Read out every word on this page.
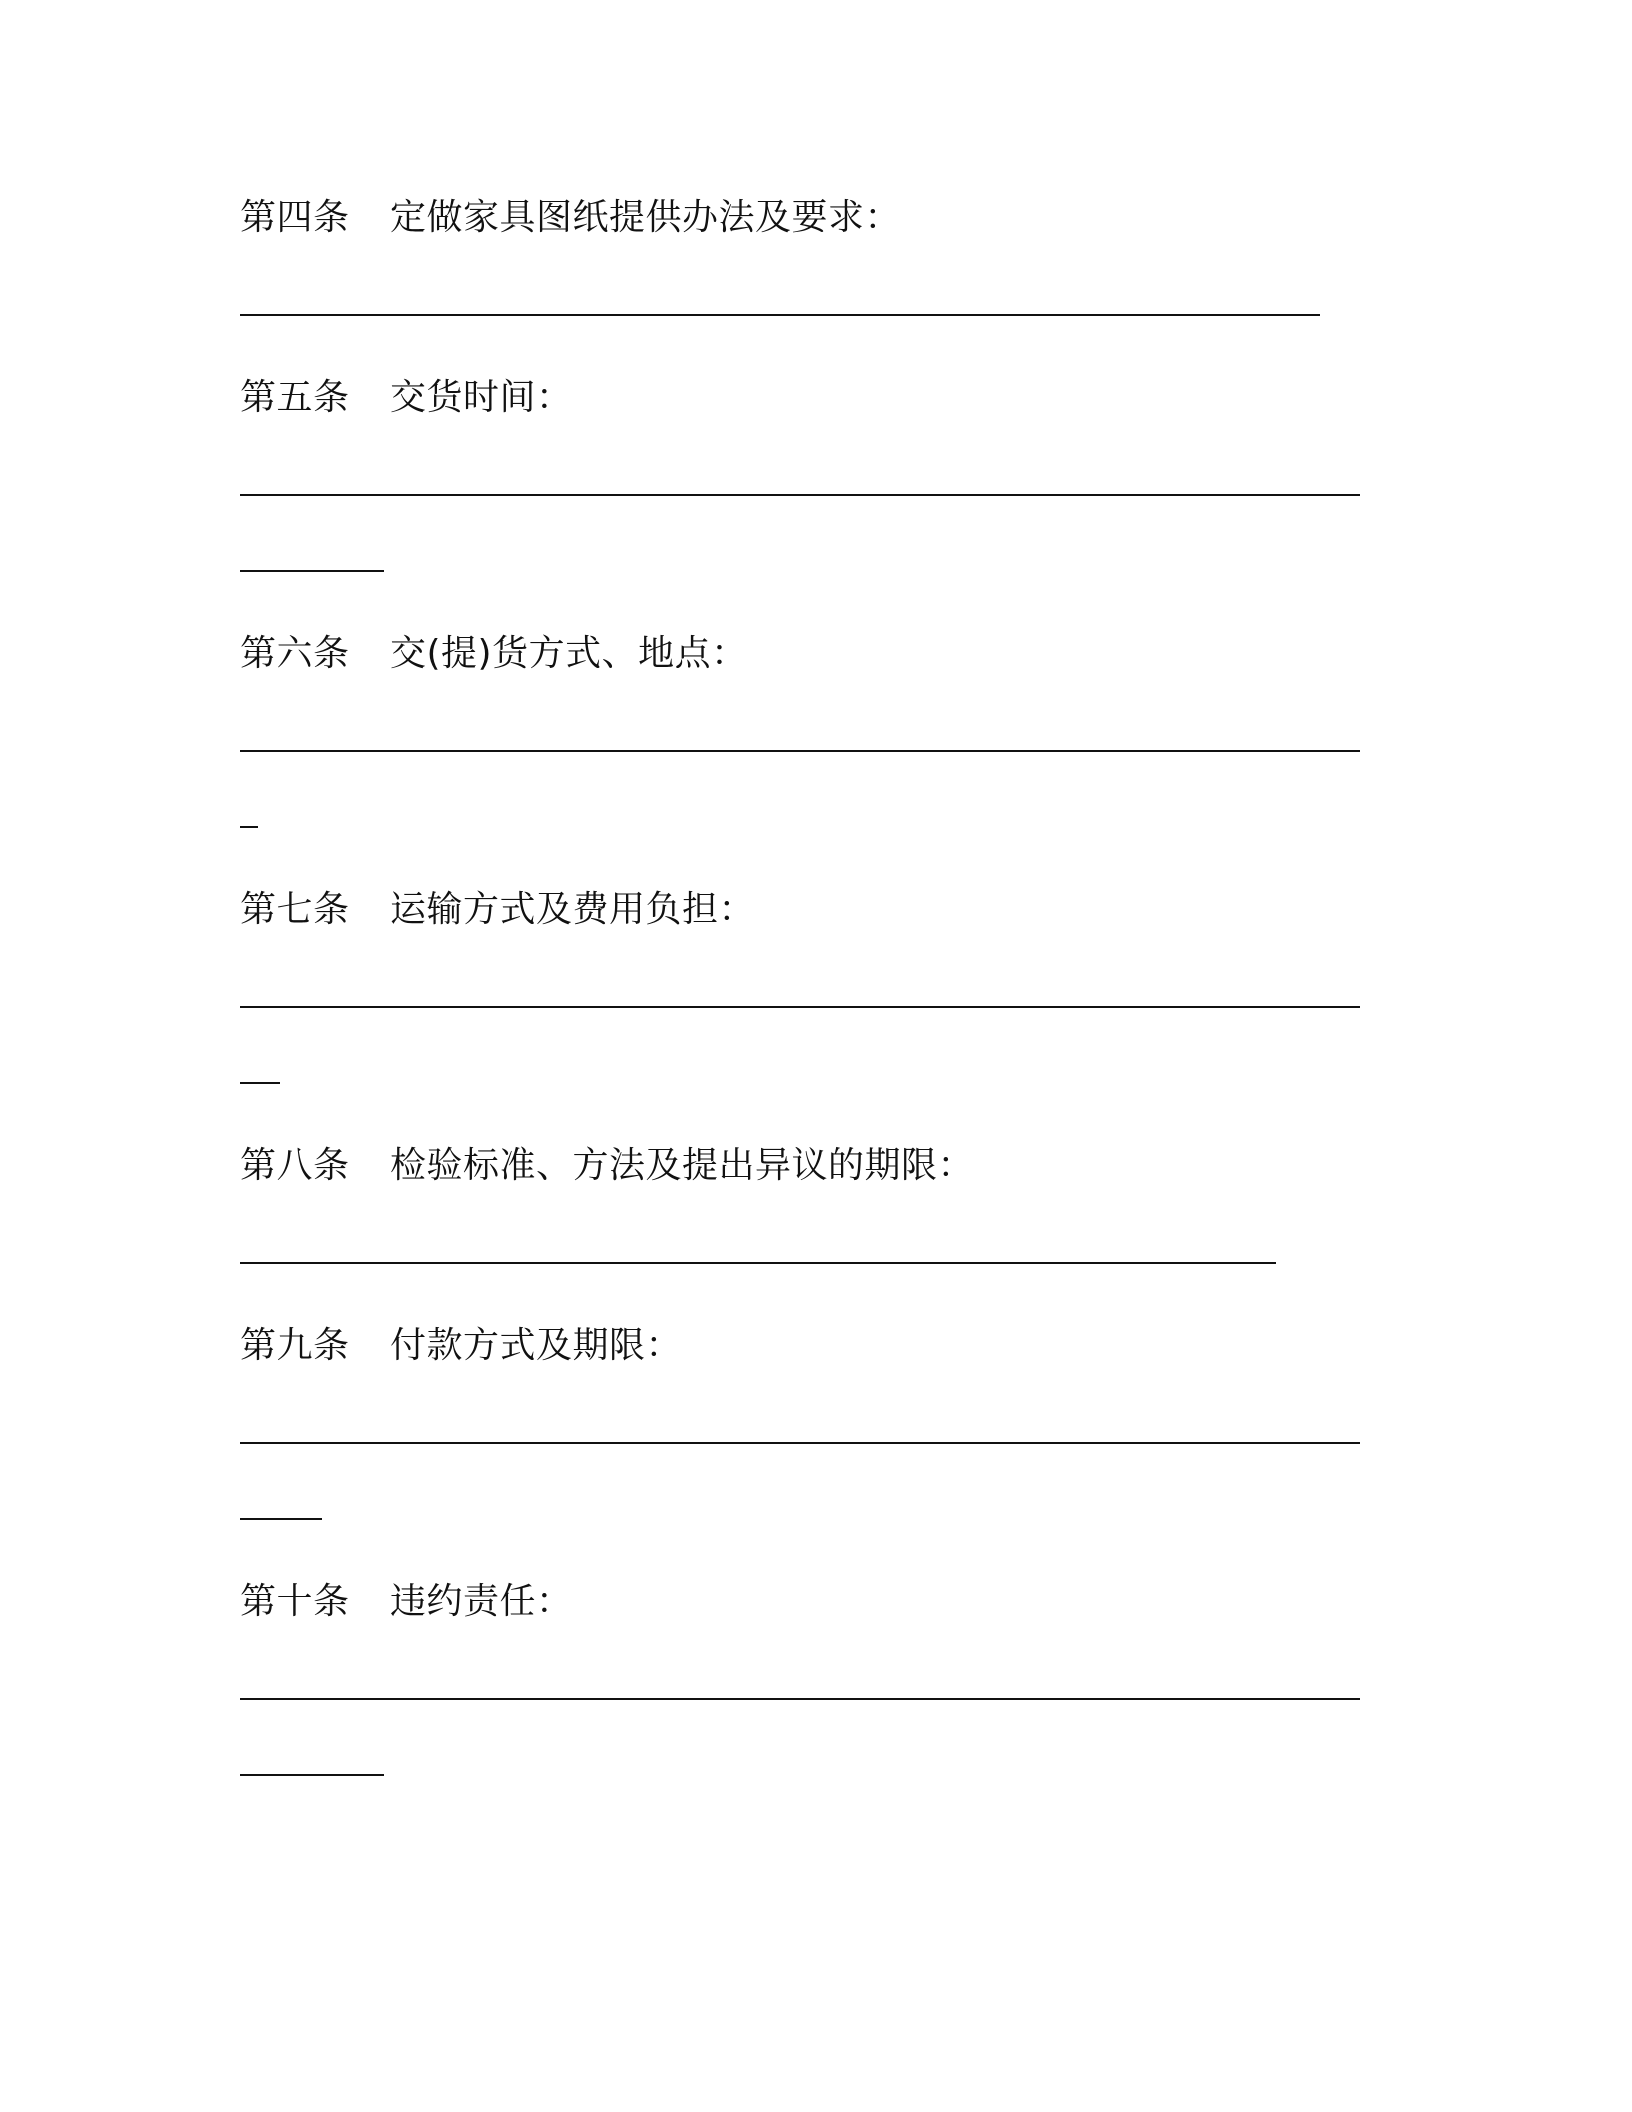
第四条 定做家具图纸提供办法及要求：
第五条 交货时间：
第六条 交(提)货方式、地点：
第七条 运输方式及费用负担：
第八条 检验标准、方法及提出异议的期限：
第九条 付款方式及期限：
第十条 违约责任：
